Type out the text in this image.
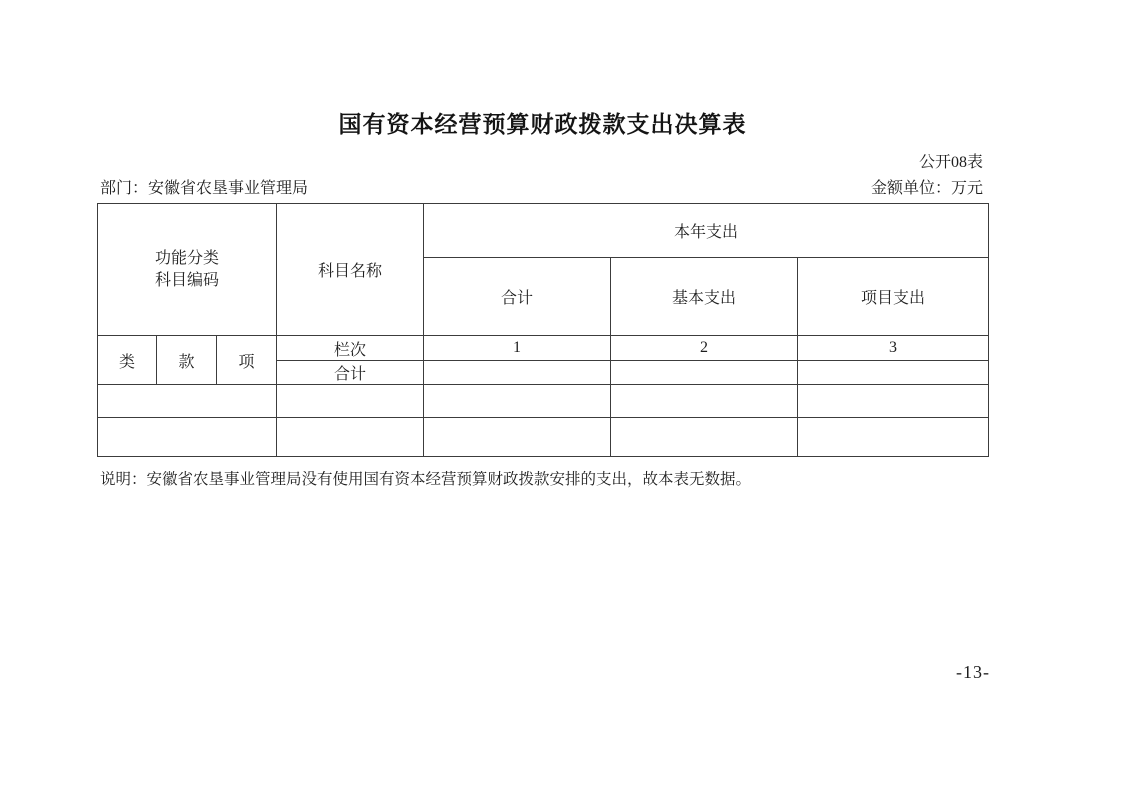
国有资本经营预算财政拨款支出决算表
公开08表
部门：安徽省农垦事业管理局	金额单位：万元
功能分类
科目编码			科目名称	本年支出		
				合计	基本支出	项目支出
类	款	项	栏次	1	2	3
			合计			

说明：安徽省农垦事业管理局没有使用国有资本经营预算财政拨款安排的支出，故本表无数据。
-13-
